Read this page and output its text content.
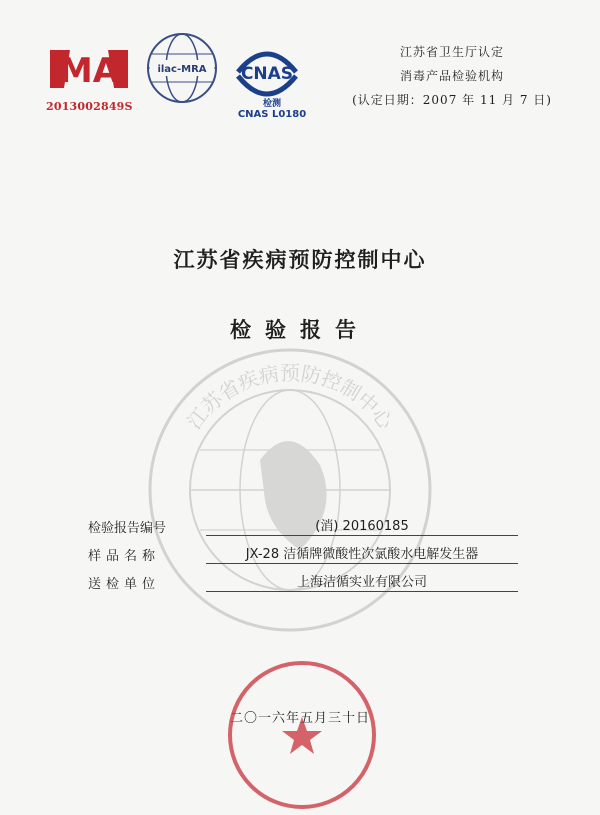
MA
2013002849S
ilac-MRA CNAS
检测
CNAS L0180
江苏省卫生厅认定
消毒产品检验机构
(认定日期：2007 年 11 月 7 日)
江苏省疾病预防控制中心
检验报告
江苏省疾病预防控制中心
检验报告编号	(消) 20160185
样品名称	JX-28 洁循牌微酸性次氯酸水电解发生器
送检单位	上海洁循实业有限公司
二〇一六年五月三十日
